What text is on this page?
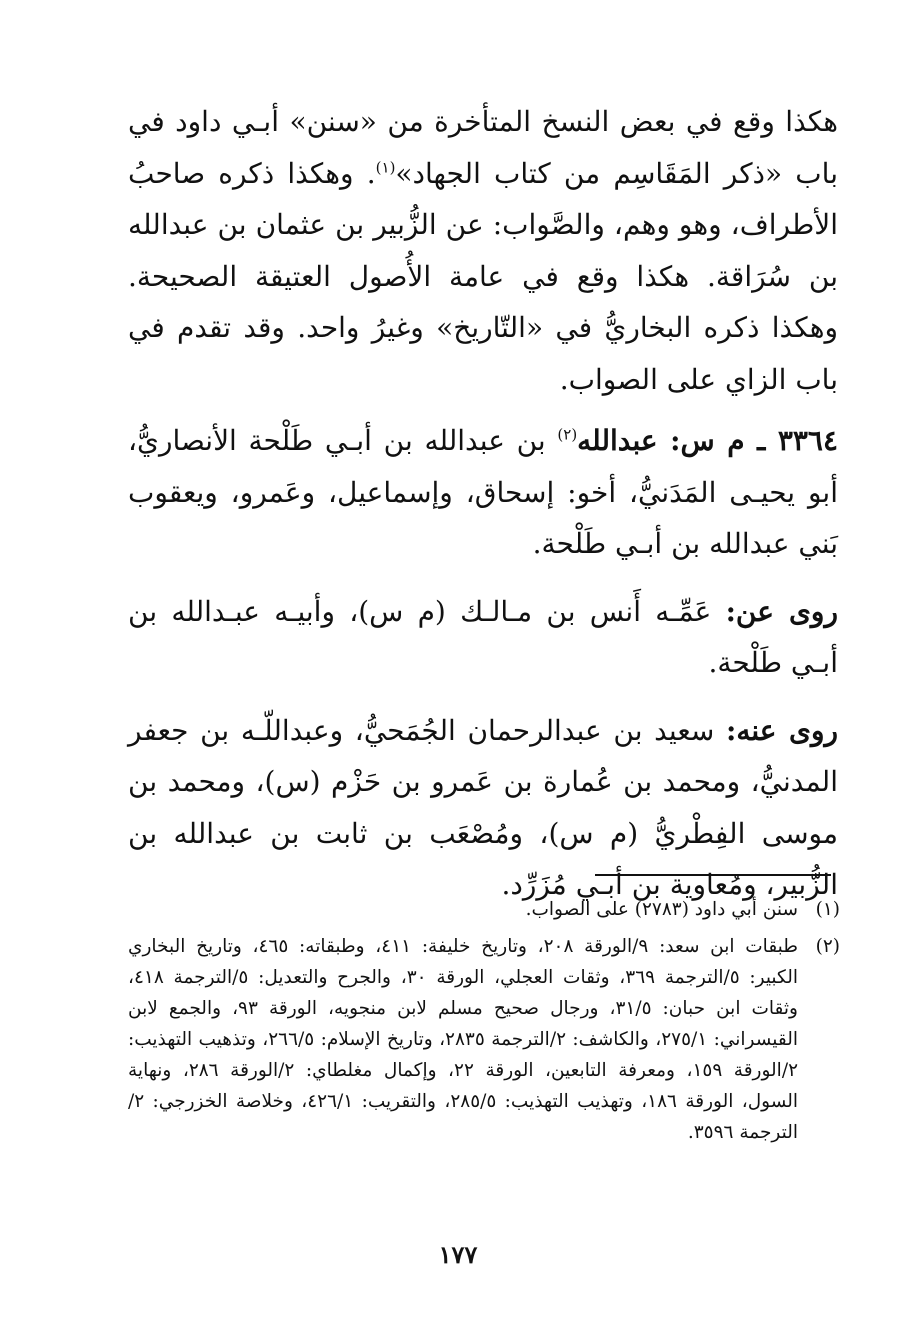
هكذا وقع في بعض النسخ المتأخرة من «سنن» أبـي داود في باب «ذكر المَقَاسِم من كتاب الجهاد»$^{(١)}$. وهكذا ذكره صاحبُ الأطراف، وهو وهم، والصَّواب: عن الزُّبير بن عثمان بن عبدالله بن سُرَاقة. هكذا وقع في عامة الأُصول العتيقة الصحيحة. وهكذا ذكره البخاريُّ في «التّاريخ» وغيرُ واحد. وقد تقدم في باب الزاي على الصواب.

٣٣٦٤ ـ م س: عبدالله$^{(٢)}$ بن عبدالله بن أبـي طَلْحة الأنصاريُّ، أبو يحيـى المَدَنيُّ، أخو: إسحاق، وإسماعيل، وعَمرو، ويعقوب بَني عبدالله بن أبـي طَلْحة.

روى عن: عَمِّـه أَنس بن مـالـك (م س)، وأبيـه عبـدالله بن أبـي طَلْحة.

روى عنه: سعيد بن عبدالرحمان الجُمَحيُّ، وعبداللّـه بن جعفر المدنيُّ، ومحمد بن عُمارة بن عَمرو بن حَزْم (س)، ومحمد بن موسى الفِطْريُّ (م س)، ومُصْعَب بن ثابت بن عبدالله بن الزُّبير، ومُعاوية بن أبـي مُزَرِّد.

(١)
سنن أبي داود (٢٧٨٣) على الصواب.
(٢)
طبقات ابن سعد: ٩/الورقة ٢٠٨، وتاريخ خليفة: ٤١١، وطبقاته: ٤٦٥، وتاريخ البخاري الكبير: ٥/الترجمة ٣٦٩، وثقات العجلي، الورقة ٣٠، والجرح والتعديل: ٥/الترجمة ٤١٨، وثقات ابن حبان: ٣١/٥، ورجال صحيح مسلم لابن منجويه، الورقة ٩٣، والجمع لابن القيسراني: ٢٧٥/١، والكاشف: ٢/الترجمة ٢٨٣٥، وتاريخ الإسلام: ٢٦٦/٥، وتذهيب التهذيب: ٢/الورقة ١٥٩، ومعرفة التابعين، الورقة ٢٢، وإكمال مغلطاي: ٢/الورقة ٢٨٦، ونهاية السول، الورقة ١٨٦، وتهذيب التهذيب: ٢٨٥/٥، والتقريب: ٤٢٦/١، وخلاصة الخزرجي: ٢/الترجمة ٣٥٩٦.
١٧٧
